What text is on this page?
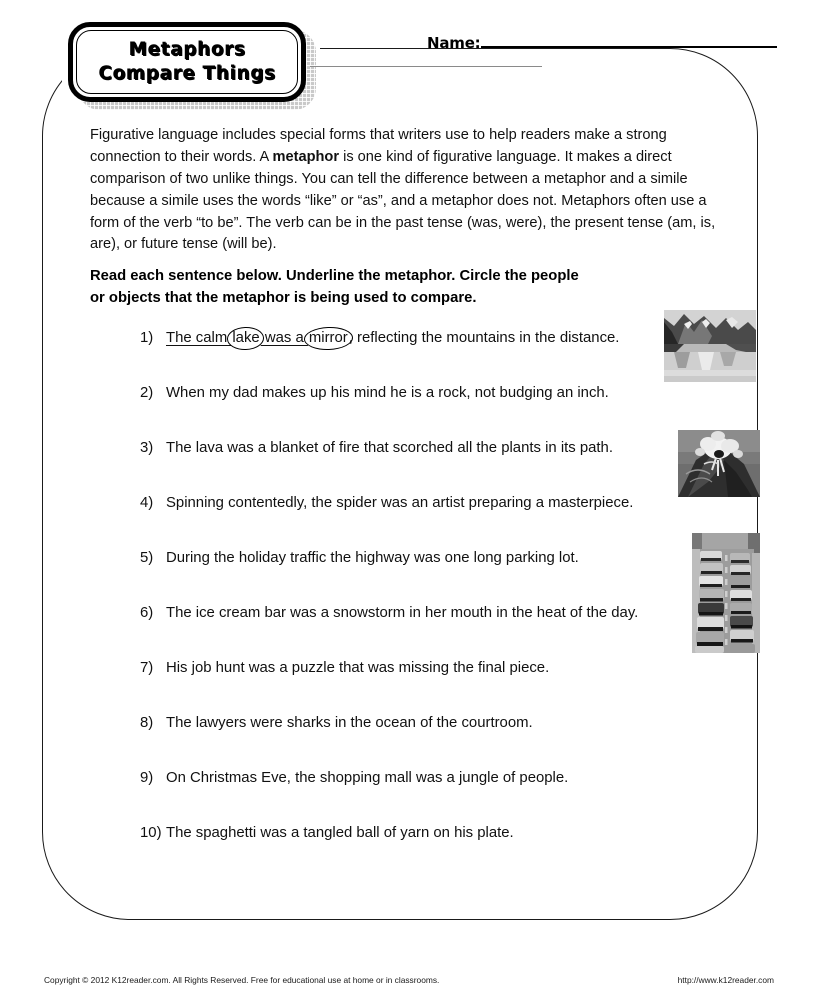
Metaphors
Compare Things
Name:

Figurative language includes special forms that writers use to help readers make a strong connection to their words. A metaphor is one kind of figurative language. It makes a direct comparison of two unlike things. You can tell the difference between a metaphor and a simile because a simile uses the words “like” or “as”, and a metaphor does not. Metaphors often use a form of the verb “to be”. The verb can be in the past tense (was, were), the present tense (am, is, are), or future tense (will be).

Read each sentence below. Underline the metaphor. Circle the people
or objects that the metaphor is being used to compare.

1) The calm lake was a mirror, reflecting the mountains in the distance.
2) When my dad makes up his mind he is a rock, not budging an inch.
3) The lava was a blanket of fire that scorched all the plants in its path.
4) Spinning contentedly, the spider was an artist preparing a masterpiece.
5) During the holiday traffic the highway was one long parking lot.
6) The ice cream bar was a snowstorm in her mouth in the heat of the day.
7) His job hunt was a puzzle that was missing the final piece.
8) The lawyers were sharks in the ocean of the courtroom.
9) On Christmas Eve, the shopping mall was a jungle of people.
10) The spaghetti was a tangled ball of yarn on his plate.
Copyright © 2012 K12reader.com. All Rights Reserved. Free for educational use at home or in classrooms.	http://www.k12reader.com
